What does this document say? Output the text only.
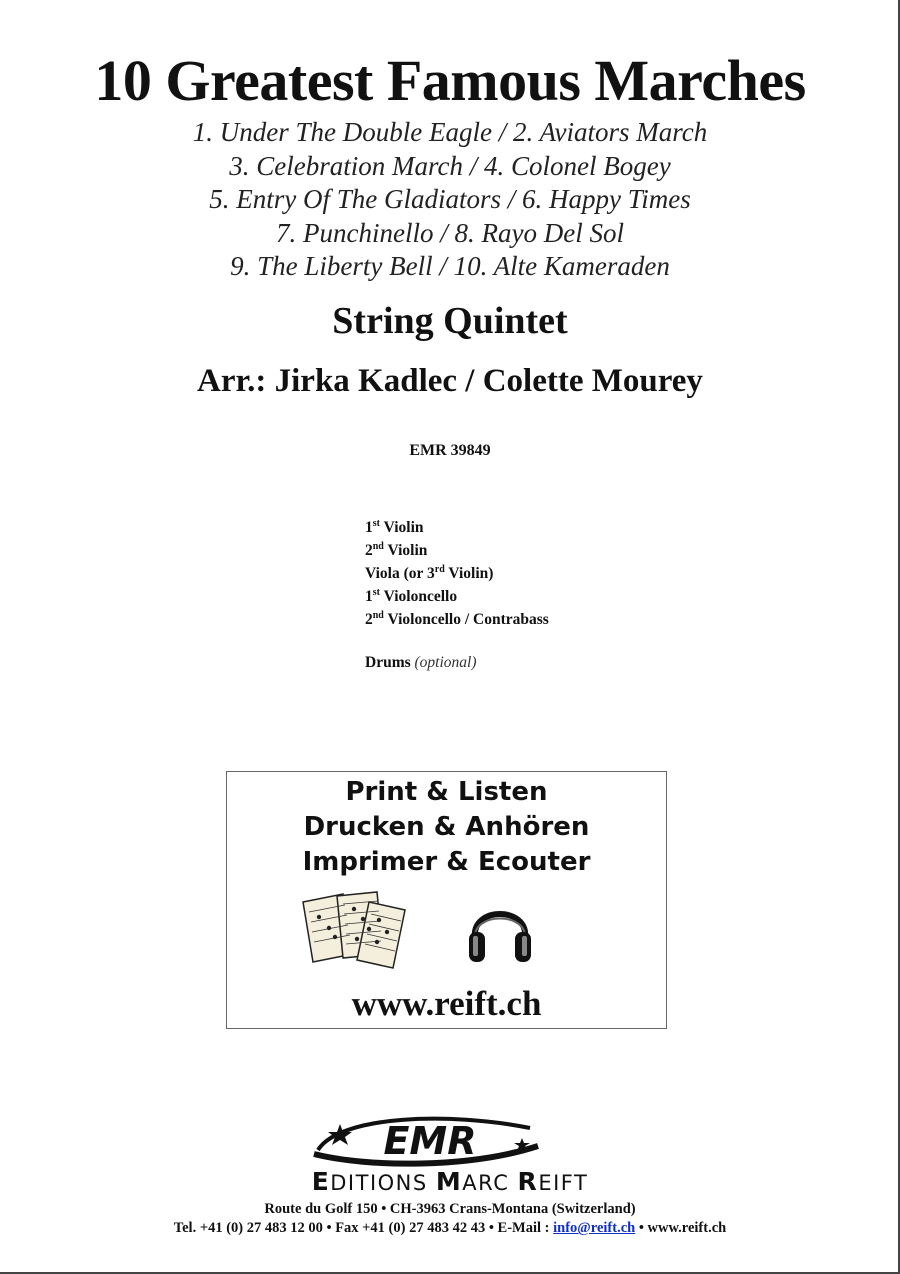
10 Greatest Famous Marches
1. Under The Double Eagle / 2. Aviators March
3. Celebration March / 4. Colonel Bogey
5. Entry Of The Gladiators / 6. Happy Times
7. Punchinello / 8. Rayo Del Sol
9. The Liberty Bell / 10. Alte Kameraden
String Quintet
Arr.: Jirka Kadlec / Colette Mourey
EMR 39849
1st Violin
2nd Violin
Viola (or 3rd Violin)
1st Violoncello
2nd Violoncello / Contrabass
Drums (optional)
Print & Listen
Drucken & Anhören
Imprimer & Ecouter
www.reift.ch
EMR
EDITIONS MARC REIFT
Route du Golf 150 • CH-3963 Crans-Montana (Switzerland)
Tel. +41 (0) 27 483 12 00 • Fax +41 (0) 27 483 42 43 • E-Mail : info@reift.ch • www.reift.ch
